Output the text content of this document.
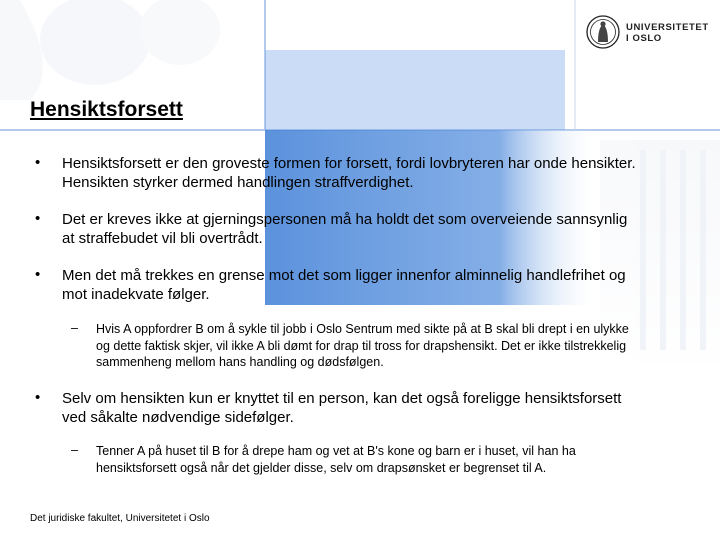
UNIVERSITETET
I OSLO
Hensiktsforsett
• Hensiktsforsett er den groveste formen for forsett, fordi lovbryteren har onde hensikter. Hensikten styrker dermed handlingen straffverdighet.
• Det er kreves ikke at gjerningspersonen må ha holdt det som overveiende sannsynlig at straffebudet vil bli overtrådt.
• Men det må trekkes en grense mot det som ligger innenfor alminnelig handlefrihet og mot inadekvate følger.
– Hvis A oppfordrer B om å sykle til jobb i Oslo Sentrum med sikte på at B skal bli drept i en ulykke og dette faktisk skjer, vil ikke A bli dømt for drap til tross for drapshensikt. Det er ikke tilstrekkelig sammenheng mellom hans handling og dødsfølgen.
• Selv om hensikten kun er knyttet til en person, kan det også foreligge hensiktsforsett ved såkalte nødvendige sidefølger.
– Tenner A på huset til B for å drepe ham og vet at B's kone og barn er i huset, vil han ha hensiktsforsett også når det gjelder disse, selv om drapsønsket er begrenset til A.
Det juridiske fakultet, Universitetet i Oslo
